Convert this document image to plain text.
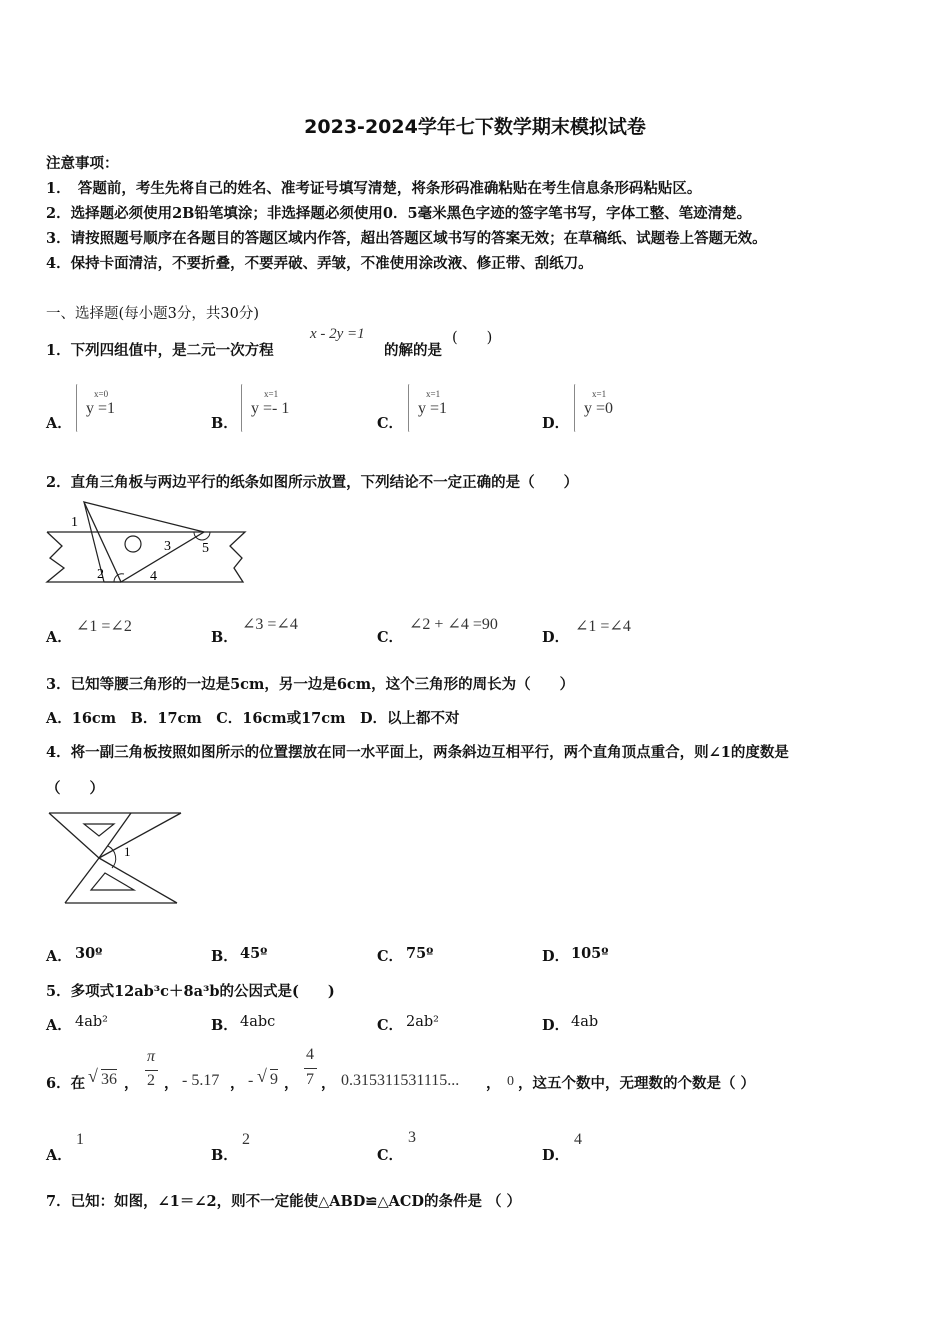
2023-2024学年七下数学期末模拟试卷
注意事项：
1．　答题前，考生先将自己的姓名、准考证号填写清楚，将条形码准确粘贴在考生信息条形码粘贴区。
2．选择题必须使用2B铅笔填涂；非选择题必须使用0．5毫米黑色字迹的签字笔书写，字体工整、笔迹清楚。
3．请按照题号顺序在各题目的答题区域内作答，超出答题区域书写的答案无效；在草稿纸、试题卷上答题无效。
4．保持卡面清洁，不要折叠，不要弄破、弄皱，不准使用涂改液、修正带、刮纸刀。
一、选择题(每小题3分，共30分)
1．下列四组值中，是二元一次方程
x - 2y =1
的解的是
(　　)
A．
x=0
y =1
B．
x=1
y =- 1
C．
x=1
y =1
D．
x=1
y =0
2．直角三角板与两边平行的纸条如图所示放置，下列结论不一定正确的是（　　）
1
2
3
4
5
A．
∠1 =∠2
B．
∠3 =∠4
C．
∠2 + ∠4 =90
D．
∠1 =∠4
3．已知等腰三角形的一边是5cm，另一边是6cm，这个三角形的周长为（　　）
A．16cm　B．17cm　C．16cm或17cm　D．以上都不对
4．将一副三角板按照如图所示的位置摆放在同一水平面上，两条斜边互相平行，两个直角顶点重合，则∠1的度数是
（　　）
1
A． 30º	B． 45º	C． 75º	D． 105º
5．多项式12ab³c＋8a³b的公因式是(　　)
A． 4ab²	B． 4abc	C． 2ab²	D． 4ab
6．在 √ 36 ，
π
2 ， - 5.17 ， - √ 9 ，
4
7 ， 0.315311531115... ， 0 ，这五个数中，无理数的个数是（ ）
A．
1
B．
2
C．
3
D．
4
7．已知：如图，∠1＝∠2，则不一定能使△ABD≌△ACD的条件是 （ ）
